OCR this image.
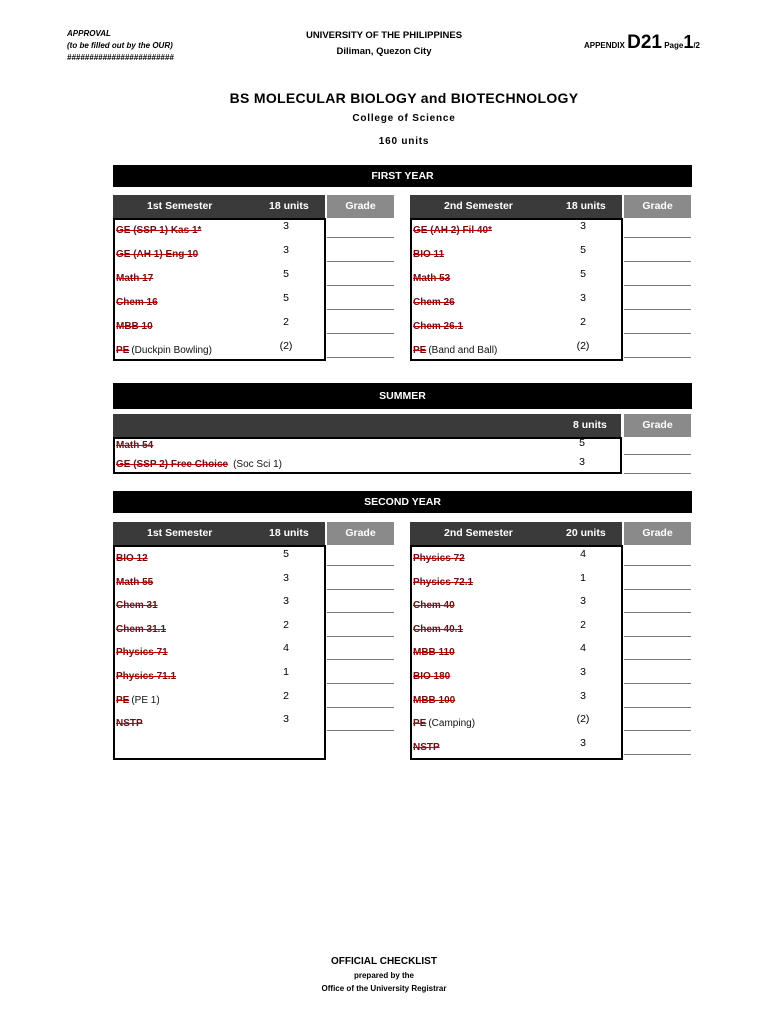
APPROVAL
(to be filled out by the OUR)
########################
UNIVERSITY OF THE PHILIPPINES
Diliman, Quezon City
APPENDIX D21 Page1/2
BS MOLECULAR BIOLOGY and BIOTECHNOLOGY
College of Science
160 units
FIRST YEAR
1st Semester	18 units	Grade
GE (SSP 1) Kas 1*	3
GE (AH 1) Eng 10	3
Math 17	5
Chem 16	5
MBB 10	2
PE (Duckpin Bowling)	(2)
2nd Semester	18 units	Grade
GE (AH 2) Fil 40*	3
BIO 11	5
Math 53	5
Chem 26	3
Chem 26.1	2
PE (Band and Ball)	(2)
SUMMER
8 units	Grade
Math 54	5
GE (SSP 2) Free Choice (Soc Sci 1)	3
SECOND YEAR
1st Semester	18 units	Grade
BIO 12	5
Math 55	3
Chem 31	3
Chem 31.1	2
Physics 71	4
Physics 71.1	1
PE (PE 1)	2
NSTP	3
2nd Semester	20 units	Grade
Physics 72	4
Physics 72.1	1
Chem 40	3
Chem 40.1	2
MBB 110	4
BIO 180	3
MBB 100	3
PE (Camping)	(2)
NSTP	3
OFFICIAL CHECKLIST
prepared by the
Office of the University Registrar
